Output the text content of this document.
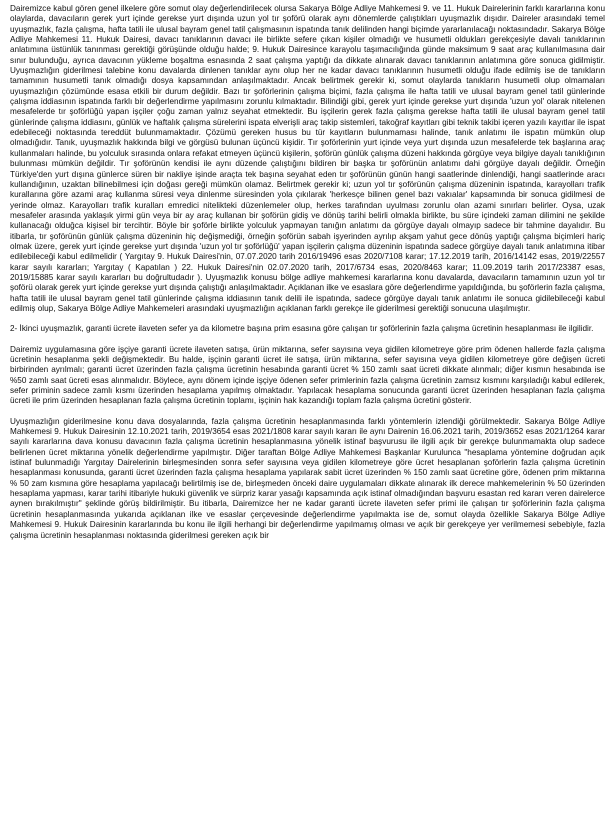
Dairemizce kabul gören genel ilkelere göre somut olay değerlendirilecek olursa Sakarya Bölge Adliye Mahkemesi 9. ve 11. Hukuk Dairelerinin farklı kararlarına konu olaylarda, davacıların gerek yurt içinde gerekse yurt dışında uzun yol tır şoförü olarak aynı dönemlerde çalıştıkları uyuşmazlık dışıdır. Daireler arasındaki temel uyuşmazlık, fazla çalışma, hafta tatili ile ulusal bayram genel tatil çalışmasının ispatında tanık delilinden hangi biçimde yararlanılacağı noktasındadır. Sakarya Bölge Adliye Mahkemesi 11. Hukuk Dairesi, davacı tanıklarının davacı ile birlikte sefere çıkan kişiler olmadığı ve husumetli oldukları gerekçesiyle davalı tanıklarının anlatımına üstünlük tanınması gerektiği görüşünde olduğu halde; 9. Hukuk Dairesince karayolu taşımacılığında günde maksimum 9 saat araç kullanılmasına dair sınır bulunduğu, ayrıca davacının yükleme boşaltma esnasında 2 saat çalışma yaptığı da dikkate alınarak davacı tanıklarının anlatımına göre sonuca gidilmiştir. Uyuşmazlığın giderilmesi talebine konu davalarda dinlenen tanıklar aynı olup her ne kadar davacı tanıklarının husumetli olduğu ifade edilmiş ise de tanıkların tamamının husumetli tanık olmadığı dosya kapsamından anlaşılmaktadır. Ancak belirtmek gerekir ki, somut olaylarda tanıkların husumetli olup olmamaları uyuşmazlığın çözümünde esasa etkili bir durum değildir. Bazı tır şoförlerinin çalışma biçimi, fazla çalışma ile hafta tatili ve ulusal bayram genel tatil günlerinde çalışma iddiasının ispatında farklı bir değerlendirme yapılmasını zorunlu kılmaktadır. Bilindiği gibi, gerek yurt içinde gerekse yurt dışında 'uzun yol' olarak nitelenen mesafelerde tır şoförlüğü yapan işçiler çoğu zaman yalnız seyahat etmektedir. Bu işçilerin gerek fazla çalışma gerekse hafta tatili ile ulusal bayram genel tatil günlerinde çalışma iddiasını, günlük ve haftalık çalışma sürelerini ispata elverişli araç takip sistemleri, takoğraf kayıtları gibi teknik takibi içeren yazılı kayıtlar ile ispat edebileceği noktasında tereddüt bulunmamaktadır. Çözümü gereken husus bu tür kayıtların bulunmaması halinde, tanık anlatımı ile ispatın mümkün olup olmadığıdır. Tanık, uyuşmazlık hakkında bilgi ve görgüsü bulunan üçüncü kişidir. Tır şoförlerinin yurt içinde veya yurt dışında uzun mesafelerde tek başlarına araç kullanmaları halinde, bu yolculuk sırasında onlara refakat etmeyen üçüncü kişilerin, şoförün günlük çalışma düzeni hakkında görgüye veya bilgiye dayalı tanıklığının bulunması mümkün değildir. Tır şoförünün kendisi ile aynı düzende çalıştığını bildiren bir başka tır şoförünün anlatımı dahi görgüye dayalı değildir. Örneğin Türkiye'den yurt dışına günlerce süren bir nakliye işinde araçta tek başına seyahat eden tır şoförünün günün hangi saatlerinde dinlendiği, hangi saatlerinde aracı kullandığının, uzaktan bilinebilmesi için doğası gereği mümkün olamaz. Belirtmek gerekir ki; uzun yol tır şoförünün çalışma düzeninin ispatında, karayolları trafik kurallarına göre azami araç kullanma süresi veya dinlenme süresinden yola çıkılarak 'herkesçe bilinen genel bazı vakıalar' kapsamında bir sonuca gidilmesi de yerinde olmaz. Karayolları trafik kuralları emredici nitelikteki düzenlemeler olup, herkes tarafından uyulması zorunlu olan azami sınırları belirler. Oysa, uzak mesafeler arasında yaklaşık yirmi gün veya bir ay araç kullanan bir şoförün gidiş ve dönüş tarihi belirli olmakla birlikte, bu süre içindeki zaman dilimini ne şekilde kullanacağı olduğca kişisel bir tercihtir. Böyle bir şoförle birlikte yolculuk yapmayan tanığın anlatımı da görgüye dayalı olmayıp sadece bir tahmine dayalıdır. Bu itibarla, tır şoförünün günlük çalışma düzeninin hiç değişmediği, örneğin şoförün sabah işyerinden ayrılıp akşam yahut gece dönüş yaptığı çalışma biçimleri hariç olmak üzere, gerek yurt içinde gerekse yurt dışında 'uzun yol tır şoförlüğü' yapan işçilerin çalışma düzeninin ispatında sadece görgüye dayalı tanık anlatımına itibar edilebileceği kabul edilmelidir ( Yargıtay 9. Hukuk Dairesi'nin, 07.07.2020 tarih 2016/19496 esas 2020/7108 karar; 17.12.2019 tarih, 2016/14142 esas, 2019/22557 karar sayılı kararları; Yargıtay ( Kapatılan ) 22. Hukuk Dairesi'nin 02.07.2020 tarih, 2017/6734 esas, 2020/8463 karar; 11.09.2019 tarih 2017/23387 esas, 2019/15885 karar sayılı kararları bu doğrultudadır ). Uyuşmazlık konusu bölge adliye mahkemesi kararlarına konu davalarda, davacıların tamamının uzun yol tır şoförü olarak gerek yurt içinde gerekse yurt dışında çalıştığı anlaşılmaktadır. Açıklanan ilke ve esaslara göre değerlendirme yapıldığında, bu şoförlerin fazla çalışma, hafta tatili ile ulusal bayram genel tatil günlerinde çalışma iddiasının tanık delili ile ispatında, sadece görgüye dayalı tanık anlatımı ile sonuca gidilebileceği kabul edilmiş olup, Sakarya Bölge Adliye Mahkemeleri arasındaki uyuşmazlığın açıklanan farklı gerekçe ile giderilmesi gerektiği sonucuna ulaşılmıştır.

2- İkinci uyuşmazlık, garanti ücrete ilaveten sefer ya da kilometre başına prim esasına göre çalışan tır şoförlerinin fazla çalışma ücretinin hesaplanması ile ilgilidir.

Dairemiz uygulamasına göre işçiye garanti ücrete ilaveten satışa, ürün miktarına, sefer sayısına veya gidilen kilometreye göre prim ödenen hallerde fazla çalışma ücretinin hesaplanma şekli değişmektedir. Bu halde, işçinin garanti ücret ile satışa, ürün miktarına, sefer sayısına veya gidilen kilometreye göre değişen ücreti birbirinden ayrılmalı; garanti ücret üzerinden fazla çalışma ücretinin hesabında garanti ücret % 150 zamlı saat ücreti dikkate alınmalı; diğer kısmın hesabında ise %50 zamlı saat ücreti esas alınmalıdır. Böylece, aynı dönem içinde işçiye ödenen sefer primlerinin fazla çalışma ücretinin zamsız kısmını karşıladığı kabul edilerek, sefer priminin sadece zamlı kısmı üzerinden hesaplama yapılmış olmaktadır. Yapılacak hesaplama sonucunda garanti ücret üzerinden hesaplanan fazla çalışma ücreti ile prim üzerinden hesaplanan fazla çalışma ücretinin toplamı, işçinin hak kazandığı toplam fazla çalışma ücretini gösterir.

Uyuşmazlığın giderilmesine konu dava dosyalarında, fazla çalışma ücretinin hesaplanmasında farklı yöntemlerin izlendiği görülmektedir. Sakarya Bölge Adliye Mahkemesi 9. Hukuk Dairesinin 12.10.2021 tarih, 2019/3654 esas 2021/1808 karar sayılı kararı ile aynı Dairenin 16.06.2021 tarih, 2019/3652 esas 2021/1264 karar sayılı kararlarına dava konusu davacının fazla çalışma ücretinin hesaplanmasına yönelik istinaf başvurusu ile ilgili açık bir gerekçe bulunmamakta olup sadece belirlenen ücret miktarına yönelik değerlendirme yapılmıştır. Diğer taraftan Bölge Adliye Mahkemesi Başkanlar Kurulunca "hesaplama yöntemine doğrudan açık istinaf bulunmadığı Yargıtay Dairelerinin birleşmesinden sonra sefer sayısına veya gidilen kilometreye göre ücret hesaplanan şoförlerin fazla çalışma ücretinin hesaplanması konusunda, garanti ücret üzerinden fazla çalışma hesaplama yapılarak sabit ücret üzerinden % 150 zamlı saat ücretine göre, ödenen prim miktarına % 50 zam kısmına göre hesaplama yapılacağı belirtilmiş ise de, birleşmeden önceki daire uygulamaları dikkate alınarak ilk derece mahkemelerinin % 50 üzerinden hesaplama yapması, karar tarihi itibariyle hukuki güvenlik ve sürpriz karar yasağı kapsamında açık istinaf olmadığından başvuru esastan red kararı veren dairelerce aynen bırakılmıştır" şeklinde görüş bildirilmiştir. Bu itibarla, Dairemizce her ne kadar garanti ücrete ilaveten sefer primi ile çalışan tır şoförlerinin fazla çalışma ücretinin hesaplanmasında yukarıda açıklanan ilke ve esaslar çerçevesinde değerlendirme yapılmakta ise de, somut olayda özellikle Sakarya Bölge Adliye Mahkemesi 9. Hukuk Dairesinin kararlarında bu konu ile ilgili herhangi bir değerlendirme yapılmamış olması ve açık bir gerekçeye yer verilmemesi sebebiyle, fazla çalışma ücretinin hesaplanması noktasında giderilmesi gereken açık bir
